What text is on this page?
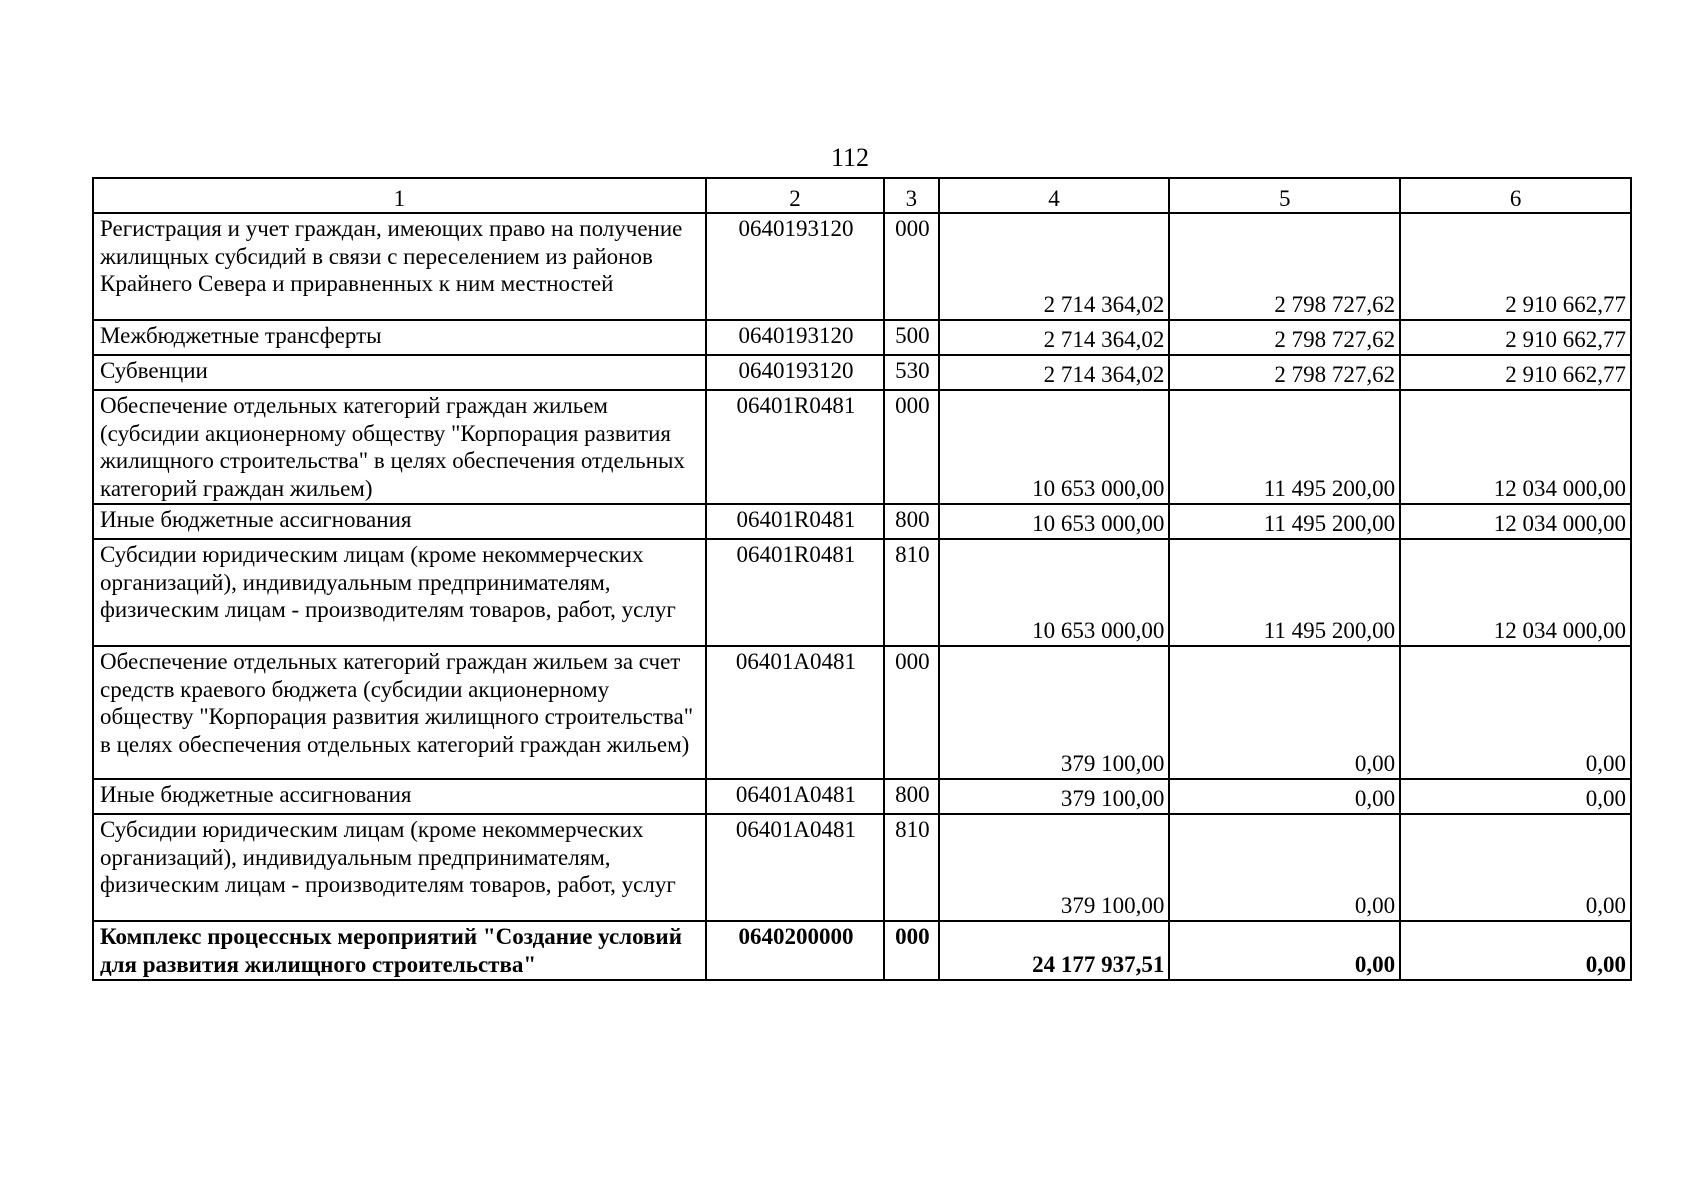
112
1	2	3	4	5	6
Регистрация и учет граждан, имеющих право на получение жилищных субсидий в связи с переселением из районов Крайнего Севера и приравненных к ним местностей	0640193120	000	2 714 364,02	2 798 727,62	2 910 662,77
Межбюджетные трансферты	0640193120	500	2 714 364,02	2 798 727,62	2 910 662,77
Субвенции	0640193120	530	2 714 364,02	2 798 727,62	2 910 662,77
Обеспечение отдельных категорий граждан жильем (субсидии акционерному обществу "Корпорация развития жилищного строительства" в целях обеспечения отдельных категорий граждан жильем)	06401R0481	000	10 653 000,00	11 495 200,00	12 034 000,00
Иные бюджетные ассигнования	06401R0481	800	10 653 000,00	11 495 200,00	12 034 000,00
Субсидии юридическим лицам (кроме некоммерческих организаций), индивидуальным предпринимателям, физическим лицам - производителям товаров, работ, услуг	06401R0481	810	10 653 000,00	11 495 200,00	12 034 000,00
Обеспечение отдельных категорий граждан жильем за счет средств краевого бюджета (субсидии акционерному обществу "Корпорация развития жилищного строительства" в целях обеспечения отдельных категорий граждан жильем)	06401A0481	000	379 100,00	0,00	0,00
Иные бюджетные ассигнования	06401A0481	800	379 100,00	0,00	0,00
Субсидии юридическим лицам (кроме некоммерческих организаций), индивидуальным предпринимателям, физическим лицам - производителям товаров, работ, услуг	06401A0481	810	379 100,00	0,00	0,00
Комплекс процессных мероприятий "Создание условий для развития жилищного строительства"	0640200000	000	24 177 937,51	0,00	0,00
